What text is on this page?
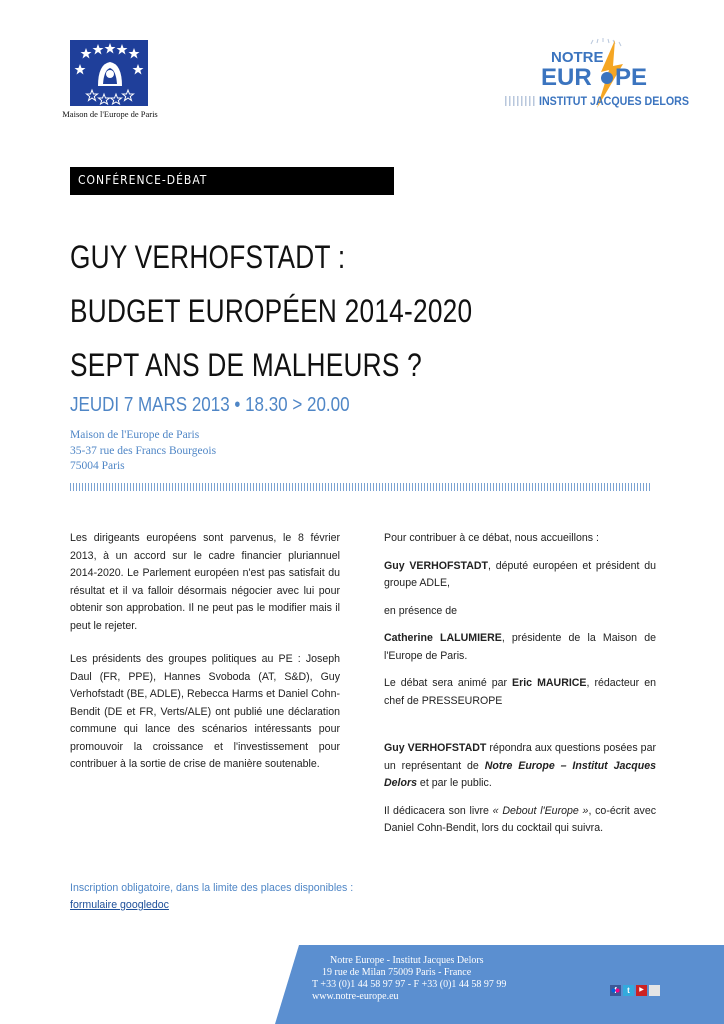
Maison de l'Europe de Paris
NOTRE
EUR PE
INSTITUT JACQUES DELORS
CONFÉRENCE-DÉBAT
GUY VERHOFSTADT :
BUDGET EUROPÉEN 2014-2020
SEPT ANS DE MALHEURS ?
JEUDI 7 MARS 2013 • 18.30 > 20.00
Maison de l'Europe de Paris
35-37 rue des Francs Bourgeois
75004 Paris

Les dirigeants européens sont parvenus, le 8 février 2013, à un accord sur le cadre financier pluriannuel 2014-2020. Le Parlement européen n'est pas satisfait du résultat et il va falloir désormais négocier avec lui pour obtenir son approbation. Il ne peut pas le modifier mais il peut le rejeter.

Les présidents des groupes politiques au PE : Joseph Daul (FR, PPE), Hannes Svoboda (AT, S&D), Guy Verhofstadt (BE, ADLE), Rebecca Harms et Daniel Cohn-Bendit (DE et FR, Verts/ALE) ont publié une déclaration commune qui lance des scénarios intéressants pour promouvoir la croissance et l'investissement pour contribuer à la sortie de crise de manière soutenable.

Pour contribuer à ce débat, nous accueillons :

Guy VERHOFSTADT, député européen et président du groupe ADLE,

en présence de

Catherine LALUMIERE, présidente de la Maison de l'Europe de Paris.

Le débat sera animé par Eric MAURICE, rédacteur en chef de PRESSEUROPE

Guy VERHOFSTADT répondra aux questions posées par un représentant de Notre Europe – Institut Jacques Delors et par le public.

Il dédicacera son livre « Debout l'Europe », co-écrit avec Daniel Cohn-Bendit, lors du cocktail qui suivra.

Inscription obligatoire, dans la limite des places disponibles :
formulaire googledoc
Notre Europe - Institut Jacques Delors
19 rue de Milan 75009 Paris - France
T +33 (0)1 44 58 97 97 - F +33 (0)1 44 58 97 99
www.notre-europe.eu
t	▶
